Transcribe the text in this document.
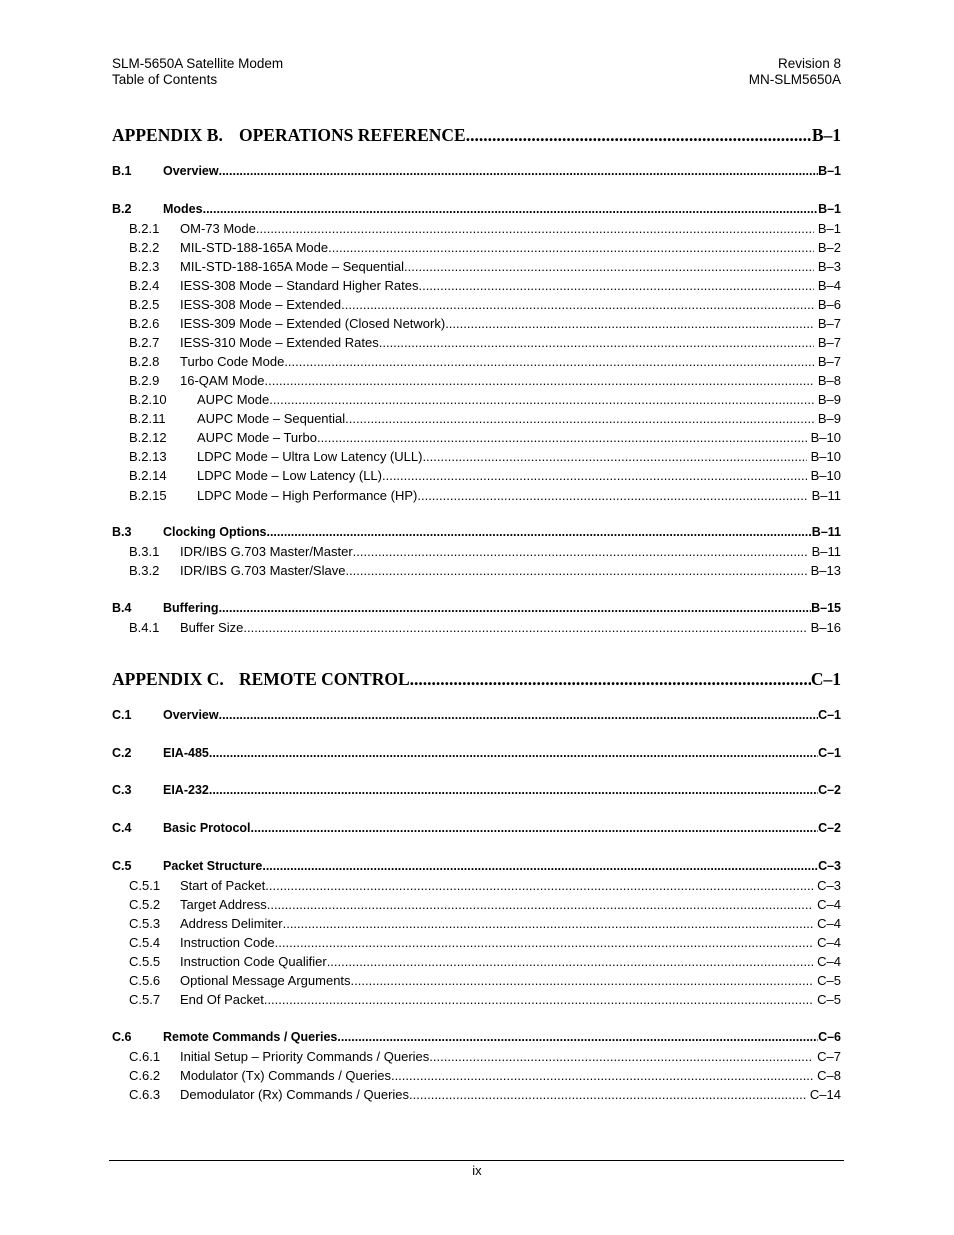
SLM-5650A Satellite Modem
Table of Contents
Revision 8
MN-SLM5650A
APPENDIX B. OPERATIONS REFERENCE .....	B–1
B.1	Overview .....	B–1
B.2	Modes .....	B–1
B.2.1	OM-73 Mode .....	B–1
B.2.2	MIL-STD-188-165A Mode .....	B–2
B.2.3	MIL-STD-188-165A Mode – Sequential .....	B–3
B.2.4	IESS-308 Mode – Standard Higher Rates .....	B–4
B.2.5	IESS-308 Mode – Extended .....	B–6
B.2.6	IESS-309 Mode – Extended (Closed Network) .....	B–7
B.2.7	IESS-310 Mode – Extended Rates .....	B–7
B.2.8	Turbo Code Mode .....	B–7
B.2.9	16-QAM Mode .....	B–8
B.2.10	AUPC Mode .....	B–9
B.2.11	AUPC Mode – Sequential .....	B–9
B.2.12	AUPC Mode – Turbo .....	B–10
B.2.13	LDPC Mode – Ultra Low Latency (ULL) .....	B–10
B.2.14	LDPC Mode – Low Latency (LL) .....	B–10
B.2.15	LDPC Mode – High Performance (HP) .....	B–11
B.3	Clocking Options .....	B–11
B.3.1	IDR/IBS G.703 Master/Master .....	B–11
B.3.2	IDR/IBS G.703 Master/Slave .....	B–13
B.4	Buffering .....	B–15
B.4.1	Buffer Size .....	B–16
APPENDIX C. REMOTE CONTROL .....	C–1
C.1	Overview .....	C–1
C.2	EIA-485 .....	C–1
C.3	EIA-232 .....	C–2
C.4	Basic Protocol .....	C–2
C.5	Packet Structure .....	C–3
C.5.1	Start of Packet .....	C–3
C.5.2	Target Address .....	C–4
C.5.3	Address Delimiter .....	C–4
C.5.4	Instruction Code .....	C–4
C.5.5	Instruction Code Qualifier .....	C–4
C.5.6	Optional Message Arguments .....	C–5
C.5.7	End Of Packet .....	C–5
C.6	Remote Commands / Queries .....	C–6
C.6.1	Initial Setup – Priority Commands / Queries .....	C–7
C.6.2	Modulator (Tx) Commands / Queries .....	C–8
C.6.3	Demodulator (Rx) Commands / Queries .....	C–14
ix
